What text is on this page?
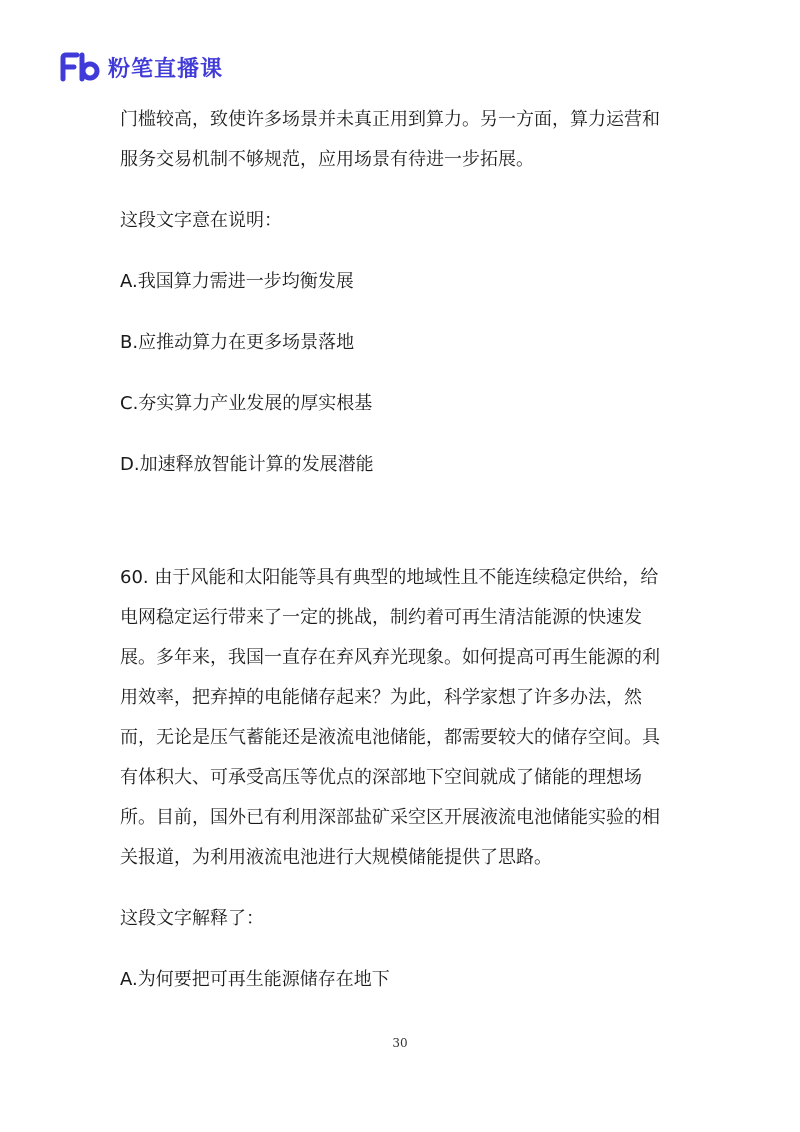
粉笔直播课
门槛较高，致使许多场景并未真正用到算力。另一方面，算力运营和
服务交易机制不够规范，应用场景有待进一步拓展。
这段文字意在说明：
A.我国算力需进一步均衡发展
B.应推动算力在更多场景落地
C.夯实算力产业发展的厚实根基
D.加速释放智能计算的发展潜能
60. 由于风能和太阳能等具有典型的地域性且不能连续稳定供给，给
电网稳定运行带来了一定的挑战，制约着可再生清洁能源的快速发
展。多年来，我国一直存在弃风弃光现象。如何提高可再生能源的利
用效率，把弃掉的电能储存起来？为此，科学家想了许多办法，然
而，无论是压气蓄能还是液流电池储能，都需要较大的储存空间。具
有体积大、可承受高压等优点的深部地下空间就成了储能的理想场
所。目前，国外已有利用深部盐矿采空区开展液流电池储能实验的相
关报道，为利用液流电池进行大规模储能提供了思路。
这段文字解释了：
A.为何要把可再生能源储存在地下
30
